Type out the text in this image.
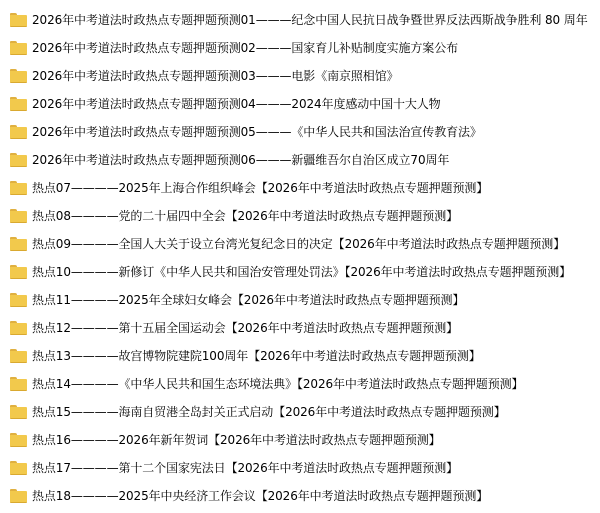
2026年中考道法时政热点专题押题预测01———纪念中国人民抗日战争暨世界反法西斯战争胜利 80 周年
2026年中考道法时政热点专题押题预测02———国家育儿补贴制度实施方案公布
2026年中考道法时政热点专题押题预测03———电影《南京照相馆》
2026年中考道法时政热点专题押题预测04———2024年度感动中国十大人物
2026年中考道法时政热点专题押题预测05———《中华人民共和国法治宣传教育法》
2026年中考道法时政热点专题押题预测06———新疆维吾尔自治区成立70周年
热点07————2025年上海合作组织峰会【2026年中考道法时政热点专题押题预测】
热点08————党的二十届四中全会【2026年中考道法时政热点专题押题预测】
热点09————全国人大关于设立台湾光复纪念日的决定【2026年中考道法时政热点专题押题预测】
热点10————新修订《中华人民共和国治安管理处罚法》【2026年中考道法时政热点专题押题预测】
热点11————2025年全球妇女峰会【2026年中考道法时政热点专题押题预测】
热点12————第十五届全国运动会【2026年中考道法时政热点专题押题预测】
热点13————故宫博物院建院100周年【2026年中考道法时政热点专题押题预测】
热点14————《中华人民共和国生态环境法典》【2026年中考道法时政热点专题押题预测】
热点15————海南自贸港全岛封关正式启动【2026年中考道法时政热点专题押题预测】
热点16————2026年新年贺词【2026年中考道法时政热点专题押题预测】
热点17————第十二个国家宪法日【2026年中考道法时政热点专题押题预测】
热点18————2025年中央经济工作会议【2026年中考道法时政热点专题押题预测】
